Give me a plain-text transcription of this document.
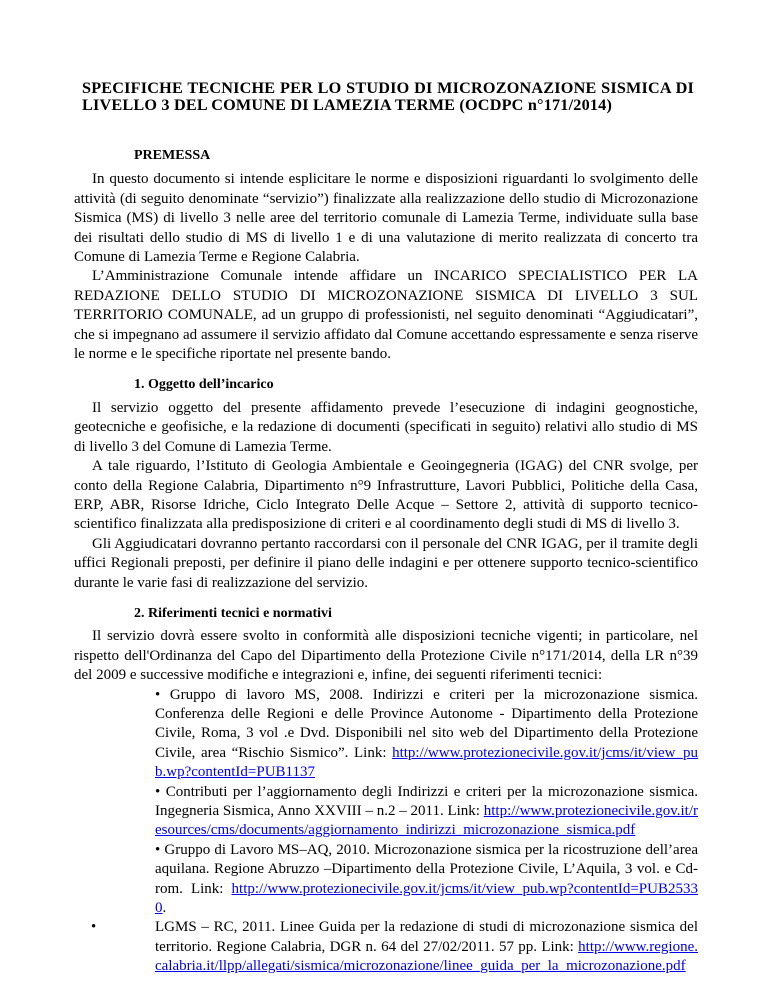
SPECIFICHE TECNICHE PER LO STUDIO DI MICROZONAZIONE SISMICA DI LIVELLO 3 DEL COMUNE DI LAMEZIA TERME (OCDPC n°171/2014)
PREMESSA

In questo documento si intende esplicitare le norme e disposizioni riguardanti lo svolgimento delle attività (di seguito denominate “servizio”) finalizzate alla realizzazione dello studio di Microzonazione Sismica (MS) di livello 3 nelle aree del territorio comunale di Lamezia Terme, individuate sulla base dei risultati dello studio di MS di livello 1 e di una valutazione di merito realizzata di concerto tra Comune di Lamezia Terme e Regione Calabria.

L’Amministrazione Comunale intende affidare un INCARICO SPECIALISTICO PER LA REDAZIONE DELLO STUDIO DI MICROZONAZIONE SISMICA DI LIVELLO 3 SUL TERRITORIO COMUNALE, ad un gruppo di professionisti, nel seguito denominati “Aggiudicatari”, che si impegnano ad assumere il servizio affidato dal Comune accettando espressamente e senza riserve le norme e le specifiche riportate nel presente bando.

1. Oggetto dell’incarico

Il servizio oggetto del presente affidamento prevede l’esecuzione di indagini geognostiche, geotecniche e geofisiche, e la redazione di documenti (specificati in seguito) relativi allo studio di MS di livello 3 del Comune di Lamezia Terme.

A tale riguardo, l’Istituto di Geologia Ambientale e Geoingegneria (IGAG) del CNR svolge, per conto della Regione Calabria, Dipartimento n°9 Infrastrutture, Lavori Pubblici, Politiche della Casa, ERP, ABR, Risorse Idriche, Ciclo Integrato Delle Acque – Settore 2, attività di supporto tecnico-scientifico finalizzata alla predisposizione di criteri e al coordinamento degli studi di MS di livello 3.

Gli Aggiudicatari dovranno pertanto raccordarsi con il personale del CNR IGAG, per il tramite degli uffici Regionali preposti, per definire il piano delle indagini e per ottenere supporto tecnico-scientifico durante le varie fasi di realizzazione del servizio.

2. Riferimenti tecnici e normativi

Il servizio dovrà essere svolto in conformità alle disposizioni tecniche vigenti; in particolare, nel rispetto dell'Ordinanza del Capo del Dipartimento della Protezione Civile n°171/2014, della LR n°39 del 2009 e successive modifiche e integrazioni e, infine, dei seguenti riferimenti tecnici:

• Gruppo di lavoro MS, 2008. Indirizzi e criteri per la microzonazione sismica. Conferenza delle Regioni e delle Province Autonome - Dipartimento della Protezione Civile, Roma, 3 vol .e Dvd. Disponibili nel sito web del Dipartimento della Protezione Civile, area “Rischio Sismico”. Link: http://www.protezionecivile.gov.it/jcms/it/view_pub.wp?contentId=PUB1137
• Contributi per l’aggiornamento degli Indirizzi e criteri per la microzonazione sismica. Ingegneria Sismica, Anno XXVIII – n.2 – 2011. Link: http://www.protezionecivile.gov.it/resources/cms/documents/aggiornamento_indirizzi_microzonazione_sismica.pdf
• Gruppo di Lavoro MS–AQ, 2010. Microzonazione sismica per la ricostruzione dell’area aquilana. Regione Abruzzo –Dipartimento della Protezione Civile, L’Aquila, 3 vol. e Cd-rom. Link: http://www.protezionecivile.gov.it/jcms/it/view_pub.wp?contentId=PUB25330.
•	LGMS – RC, 2011. Linee Guida per la redazione di studi di microzonazione sismica del territorio. Regione Calabria, DGR n. 64 del 27/02/2011. 57 pp. Link: http://www.regione.calabria.it/llpp/allegati/sismica/microzonazione/linee_guida_per_la_microzonazione.pdf
